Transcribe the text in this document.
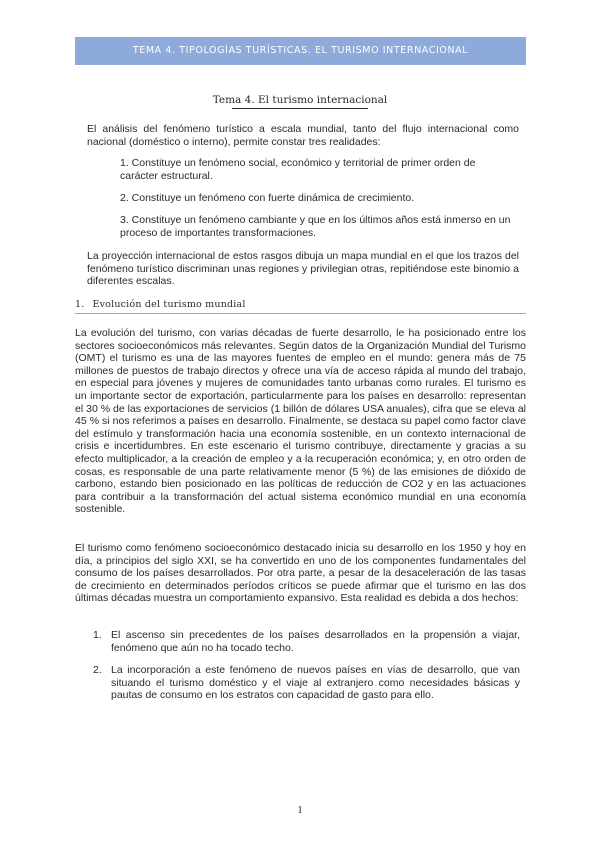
TEMA 4. TIPOLOGÍAS TURÍSTICAS. EL TURISMO INTERNACIONAL
Tema 4. El turismo internacional

El análisis del fenómeno turístico a escala mundial, tanto del flujo internacional como nacional (doméstico o interno), permite constar tres realidades:

1. Constituye un fenómeno social, económico y territorial de primer orden de carácter estructural.

2. Constituye un fenómeno con fuerte dinámica de crecimiento.

3. Constituye un fenómeno cambiante y que en los últimos años está inmerso en un proceso de importantes transformaciones.

La proyección internacional de estos rasgos dibuja un mapa mundial en el que los trazos del fenómeno turístico discriminan unas regiones y privilegian otras, repitiéndose este binomio a diferentes escalas.

1. Evolución del turismo mundial

La evolución del turismo, con varias décadas de fuerte desarrollo, le ha posicionado entre los sectores socioeconómicos más relevantes. Según datos de la Organización Mundial del Turismo (OMT) el turismo es una de las mayores fuentes de empleo en el mundo: genera más de 75 millones de puestos de trabajo directos y ofrece una vía de acceso rápida al mundo del trabajo, en especial para jóvenes y mujeres de comunidades tanto urbanas como rurales. El turismo es un importante sector de exportación, particularmente para los países en desarrollo: representan el 30 % de las exportaciones de servicios (1 billón de dólares USA anuales), cifra que se eleva al 45 % si nos referimos a países en desarrollo. Finalmente, se destaca su papel como factor clave del estímulo y transformación hacia una economía sostenible, en un contexto internacional de crisis e incertidumbres. En este escenario el turismo contribuye, directamente y gracias a su efecto multiplicador, a la creación de empleo y a la recuperación económica; y, en otro orden de cosas, es responsable de una parte relativamente menor (5 %) de las emisiones de dióxido de carbono, estando bien posicionado en las políticas de reducción de CO2 y en las actuaciones para contribuir a la transformación del actual sistema económico mundial en una economía sostenible.

El turismo como fenómeno socioeconómico destacado inicia su desarrollo en los 1950 y hoy en día, a principios del siglo XXI, se ha convertido en uno de los componentes fundamentales del consumo de los países desarrollados. Por otra parte, a pesar de la desaceleración de las tasas de crecimiento en determinados períodos críticos se puede afirmar que el turismo en las dos últimas décadas muestra un comportamiento expansivo. Esta realidad es debida a dos hechos:

1. El ascenso sin precedentes de los países desarrollados en la propensión a viajar, fenómeno que aún no ha tocado techo.

2. La incorporación a este fenómeno de nuevos países en vías de desarrollo, que van situando el turismo doméstico y el viaje al extranjero como necesidades básicas y pautas de consumo en los estratos con capacidad de gasto para ello.

1
